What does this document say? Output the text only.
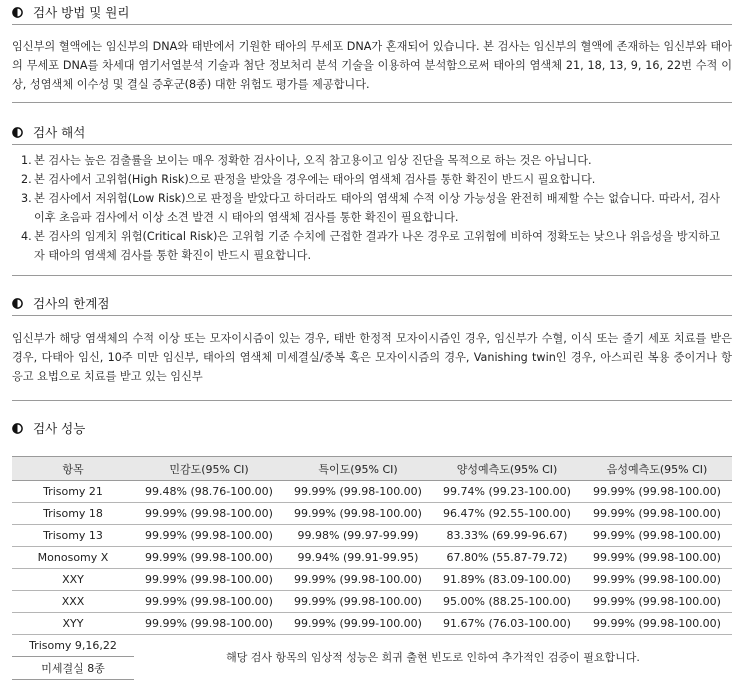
검사 방법 및 원리

임신부의 혈액에는 임신부의 DNA와 태반에서 기원한 태아의 무세포 DNA가 혼재되어 있습니다. 본 검사는 임신부의 혈액에 존재하는 임신부와 태아의 무세포 DNA를 차세대 염기서열분석 기술과 첨단 정보처리 분석 기술을 이용하여 분석함으로써 태아의 염색체 21, 18, 13, 9, 16, 22번 수적 이상, 성염색체 이수성 및 결실 증후군(8종) 대한 위험도 평가를 제공합니다.

검사 해석
1. 본 검사는 높은 검출률을 보이는 매우 정확한 검사이나, 오직 참고용이고 임상 진단을 목적으로 하는 것은 아닙니다.
2. 본 검사에서 고위험(High Risk)으로 판정을 받았을 경우에는 태아의 염색체 검사를 통한 확진이 반드시 필요합니다.
3. 본 검사에서 저위험(Low Risk)으로 판정을 받았다고 하더라도 태아의 염색체 수적 이상 가능성을 완전히 배제할 수는 없습니다. 따라서, 검사 이후 초음파 검사에서 이상 소견 발견 시 태아의 염색체 검사를 통한 확진이 필요합니다.
4. 본 검사의 임계치 위험(Critical Risk)은 고위험 기준 수치에 근접한 결과가 나온 경우로 고위험에 비하여 정확도는 낮으나 위음성을 방지하고자 태아의 염색체 검사를 통한 확진이 반드시 필요합니다.
검사의 한계점

임신부가 해당 염색체의 수적 이상 또는 모자이시즘이 있는 경우, 태반 한정적 모자이시즘인 경우, 임신부가 수혈, 이식 또는 줄기 세포 치료를 받은 경우, 다태아 임신, 10주 미만 임신부, 태아의 염색체 미세결실/중복 혹은 모자이시즘의 경우, Vanishing twin인 경우, 아스피린 복용 중이거나 항 응고 요법으로 치료를 받고 있는 임신부

검사 성능
항목	민감도(95% CI)	특이도(95% CI)	양성예측도(95% CI)	음성예측도(95% CI)
Trisomy 21	99.48% (98.76-100.00)	99.99% (99.98-100.00)	99.74% (99.23-100.00)	99.99% (99.98-100.00)
Trisomy 18	99.99% (99.98-100.00)	99.99% (99.98-100.00)	96.47% (92.55-100.00)	99.99% (99.98-100.00)
Trisomy 13	99.99% (99.98-100.00)	99.98% (99.97-99.99)	83.33% (69.99-96.67)	99.99% (99.98-100.00)
Monosomy X	99.99% (99.98-100.00)	99.94% (99.91-99.95)	67.80% (55.87-79.72)	99.99% (99.98-100.00)
XXY	99.99% (99.98-100.00)	99.99% (99.98-100.00)	91.89% (83.09-100.00)	99.99% (99.98-100.00)
XXX	99.99% (99.98-100.00)	99.99% (99.98-100.00)	95.00% (88.25-100.00)	99.99% (99.98-100.00)
XYY	99.99% (99.98-100.00)	99.99% (99.99-100.00)	91.67% (76.03-100.00)	99.99% (99.98-100.00)
Trisomy 9,16,22	해당 검사 항목의 임상적 성능은 희귀 출현 빈도로 인하여 추가적인 검증이 필요합니다.			
미세결실 8종				
